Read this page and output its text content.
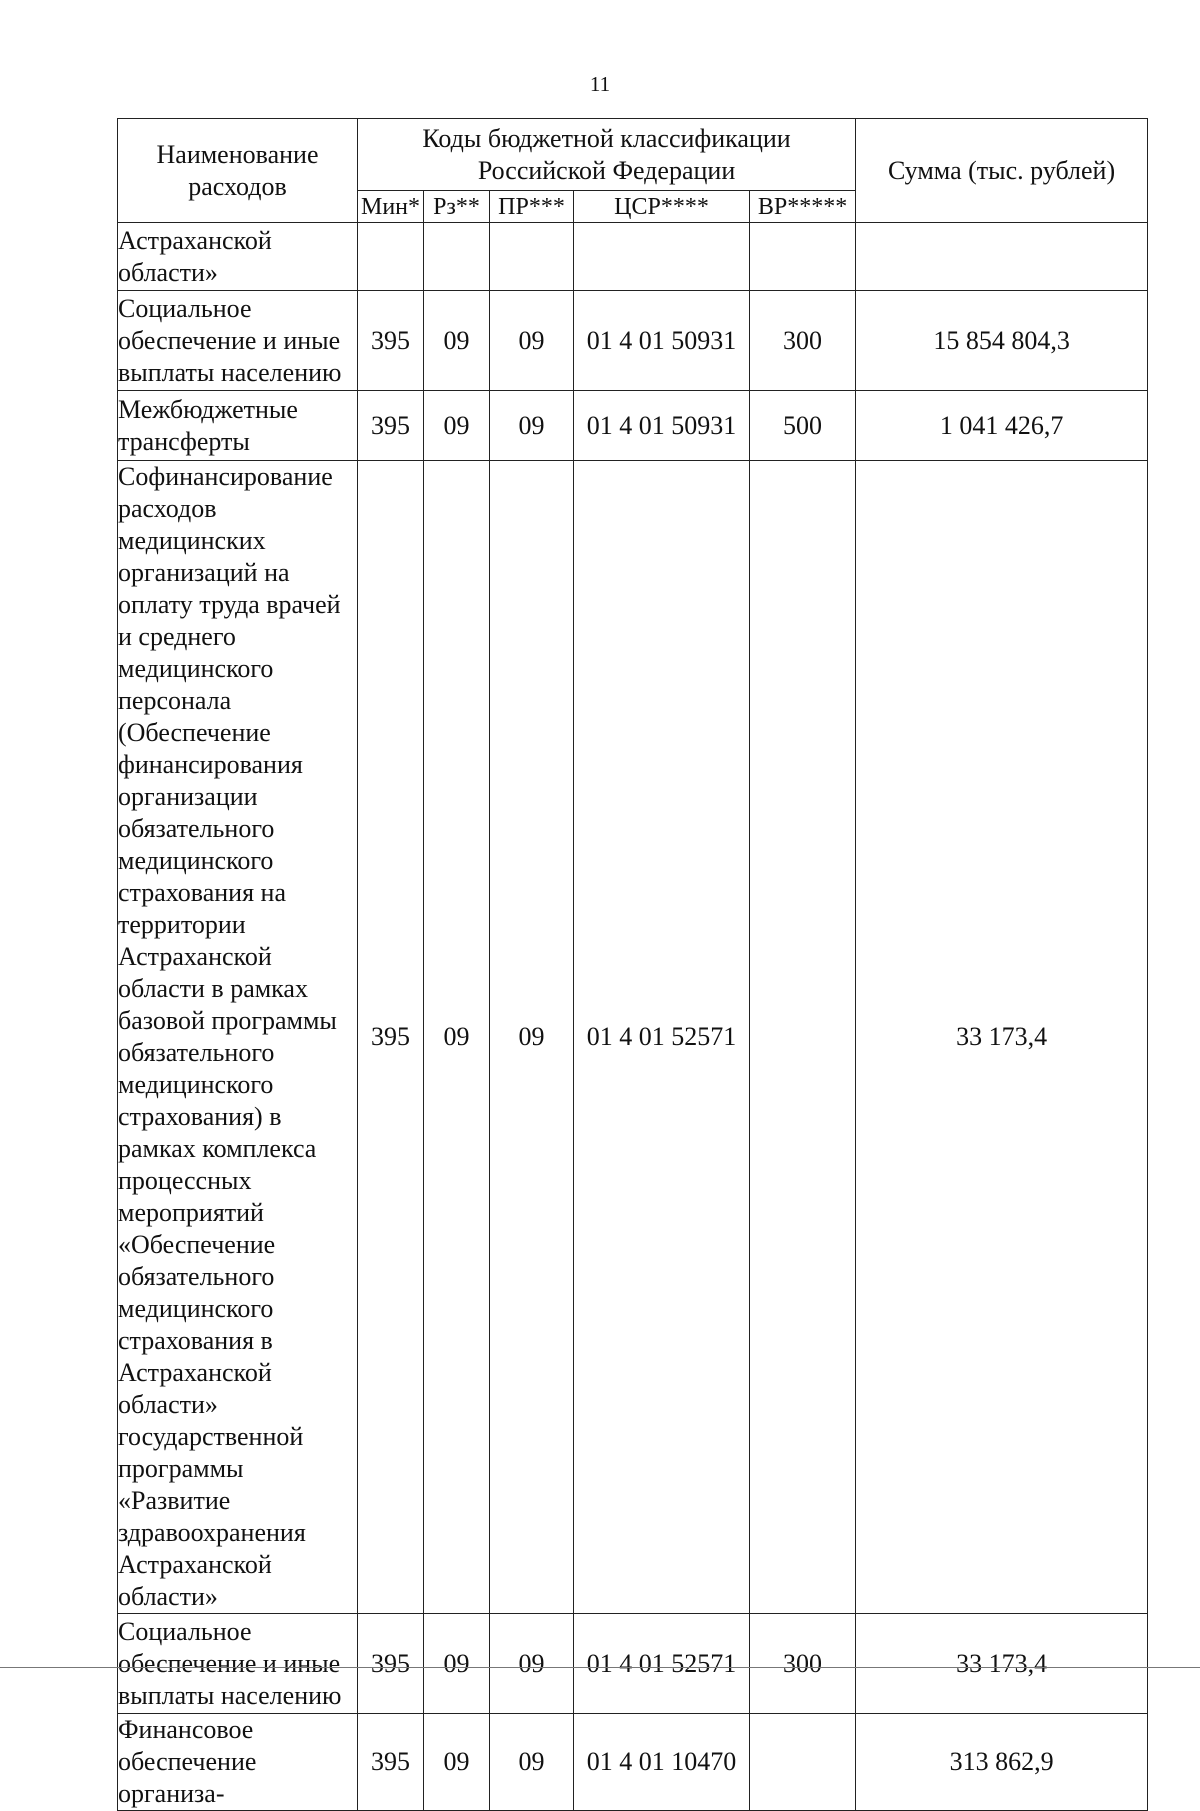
11
Наименование расходов	Коды бюджетной классификации Российской Федерации					Сумма (тыс. рублей)
	Мин*	Рз**	ПР***	ЦСР****	ВР*****	
Астраханской области»						
Социальное обеспечение и иные выплаты населению	395	09	09	01 4 01 50931	300	15 854 804,3
Межбюджетные трансферты	395	09	09	01 4 01 50931	500	1 041 426,7
Софинансирование расходов медицинских организаций на оплату труда врачей и среднего медицинского персонала (Обеспечение финансирования организации обязательного медицинского страхования на территории Астраханской области в рамках базовой программы обязательного медицинского страхования) в рамках комплекса процессных мероприятий «Обеспечение обязательного медицинского страхования в Астраханской области» государственной программы «Развитие здравоохранения Астраханской области»	395	09	09	01 4 01 52571		33 173,4
Социальное обеспечение и иные выплаты населению	395	09	09	01 4 01 52571	300	33 173,4
Финансовое обеспечение организа-	395	09	09	01 4 01 10470		313 862,9
